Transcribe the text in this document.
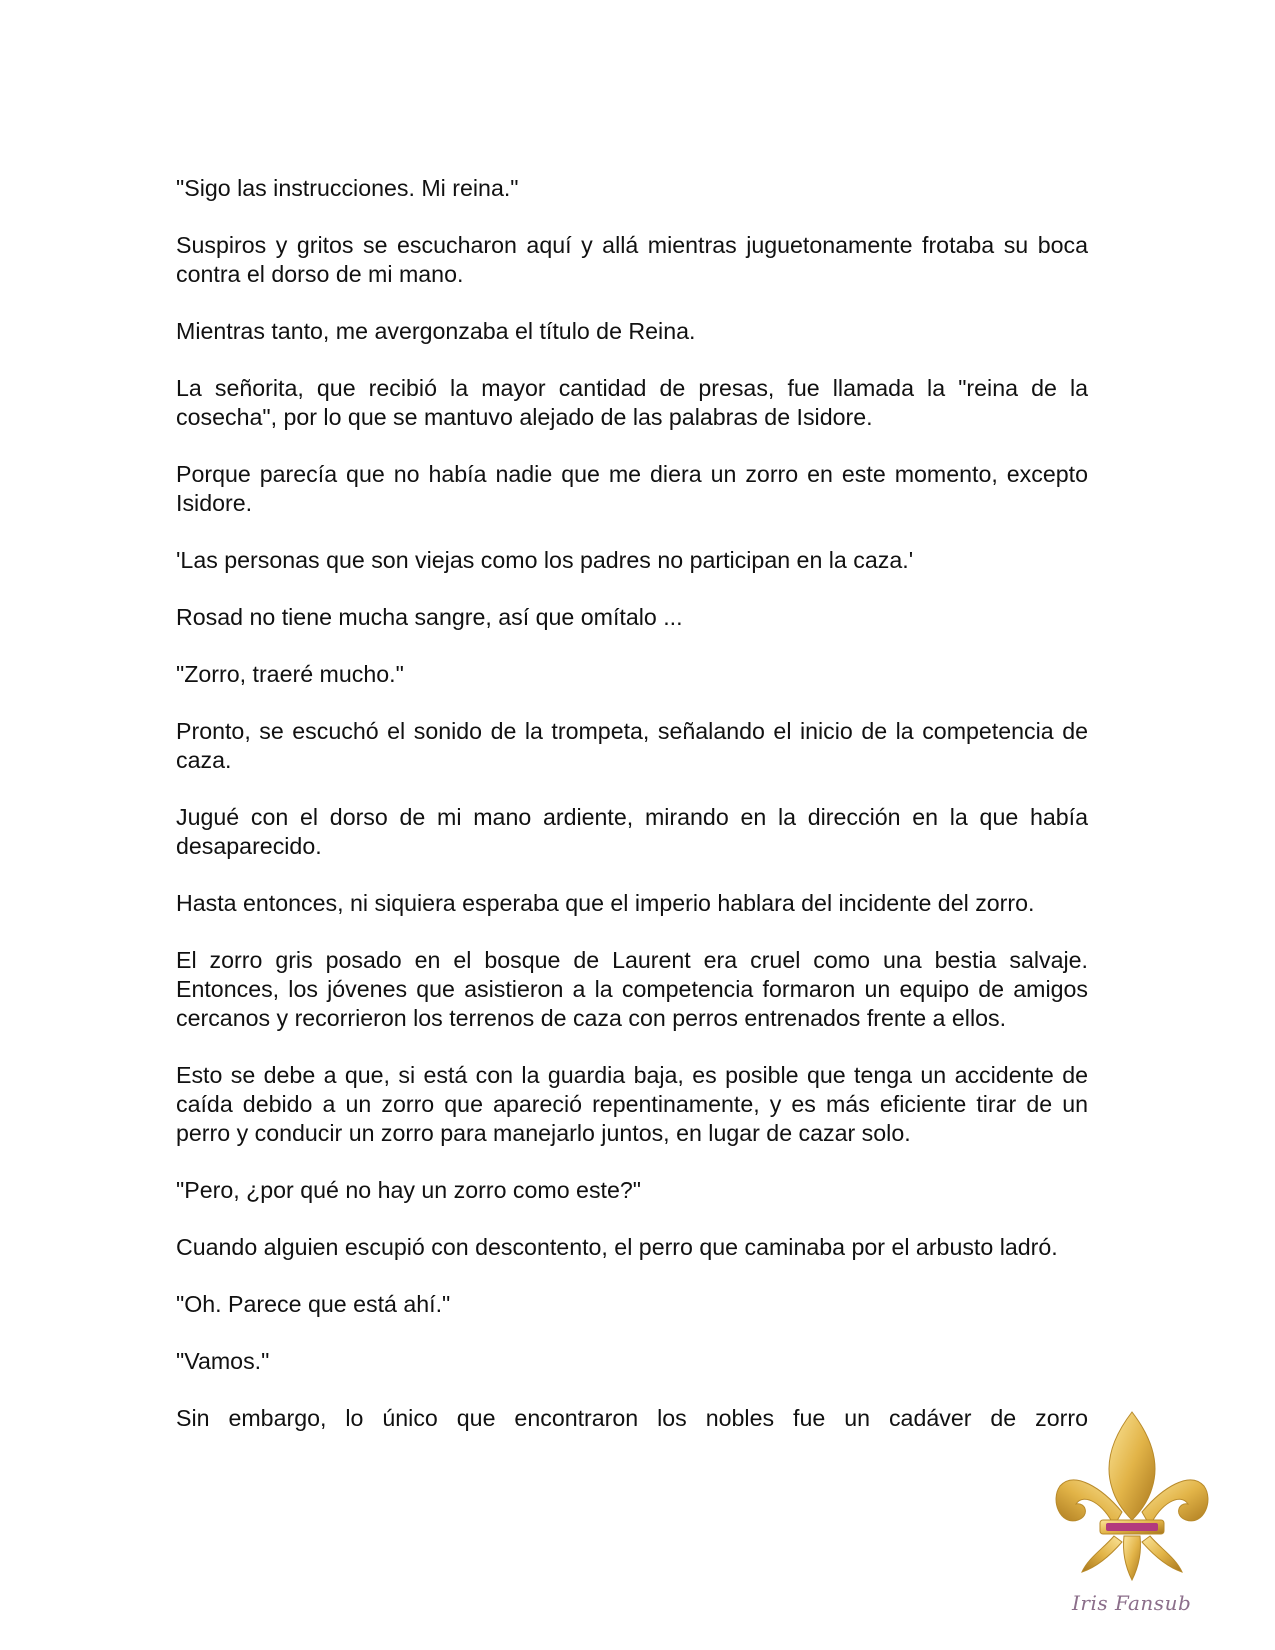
"Sigo las instrucciones. Mi reina."

Suspiros y gritos se escucharon aquí y allá mientras juguetonamente frotaba su boca contra el dorso de mi mano.

Mientras tanto, me avergonzaba el título de Reina.

La señorita, que recibió la mayor cantidad de presas, fue llamada la "reina de la cosecha", por lo que se mantuvo alejado de las palabras de Isidore.

Porque parecía que no había nadie que me diera un zorro en este momento, excepto Isidore.

'Las personas que son viejas como los padres no participan en la caza.'

Rosad no tiene mucha sangre, así que omítalo ...

"Zorro, traeré mucho."

Pronto, se escuchó el sonido de la trompeta, señalando el inicio de la competencia de caza.

Jugué con el dorso de mi mano ardiente, mirando en la dirección en la que había desaparecido.

Hasta entonces, ni siquiera esperaba que el imperio hablara del incidente del zorro.

El zorro gris posado en el bosque de Laurent era cruel como una bestia salvaje. Entonces, los jóvenes que asistieron a la competencia formaron un equipo de amigos cercanos y recorrieron los terrenos de caza con perros entrenados frente a ellos.

Esto se debe a que, si está con la guardia baja, es posible que tenga un accidente de caída debido a un zorro que apareció repentinamente, y es más eficiente tirar de un perro y conducir un zorro para manejarlo juntos, en lugar de cazar solo.

"Pero, ¿por qué no hay un zorro como este?"

Cuando alguien escupió con descontento, el perro que caminaba por el arbusto ladró.

"Oh. Parece que está ahí."

"Vamos."

Sin embargo, lo único que encontraron los nobles fue un cadáver de zorro

Iris Fansub
